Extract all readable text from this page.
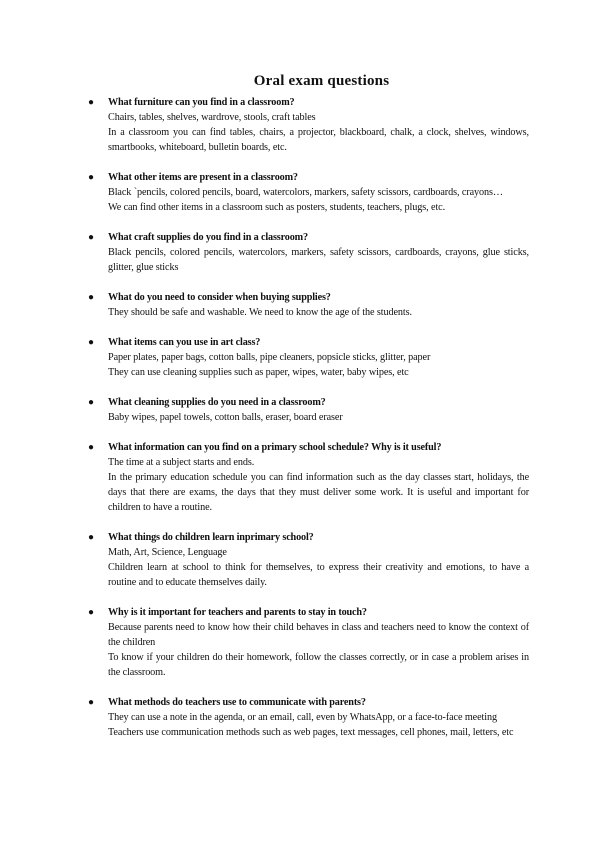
Oral exam questions
● What furniture can you find in a classroom?
Chairs, tables, shelves, wardrove, stools, craft tables
In a classroom you can find tables, chairs, a projector, blackboard, chalk, a clock, shelves, windows, smartbooks, whiteboard, bulletin boards, etc.
● What other items are present in a classroom?
Black `pencils, colored pencils, board, watercolors, markers, safety scissors, cardboards, crayons…
We can find other items in a classroom such as posters, students, teachers, plugs, etc.
● What craft supplies do you find in a classroom?
Black pencils, colored pencils, watercolors, markers, safety scissors, cardboards, crayons, glue sticks, glitter, glue sticks
● What do you need to consider when buying supplies?
They should be safe and washable. We need to know the age of the students.
● What items can you use in art class?
Paper plates, paper bags, cotton balls, pipe cleaners, popsicle sticks, glitter, paper
They can use cleaning supplies such as paper, wipes, water, baby wipes, etc
● What cleaning supplies do you need in a classroom?
Baby wipes, papel towels, cotton balls, eraser, board eraser
● What information can you find on a primary school schedule? Why is it useful?
The time at a subject starts and ends.
In the primary education schedule you can find information such as the day classes start, holidays, the days that there are exams, the days that they must deliver some work. It is useful and important for children to have a routine.
● What things do children learn inprimary school?
Math, Art, Science, Lenguage
Children learn at school to think for themselves, to express their creativity and emotions, to have a routine and to educate themselves daily.
● Why is it important for teachers and parents to stay in touch?
Because parents need to know how their child behaves in class and teachers need to know the context of the children
To know if your children do their homework, follow the classes correctly, or in case a problem arises in the classroom.
● What methods do teachers use to communicate with parents?
They can use a note in the agenda, or an email, call, even by WhatsApp, or a face-to-face meeting
Teachers use communication methods such as web pages, text messages, cell phones, mail, letters, etc
